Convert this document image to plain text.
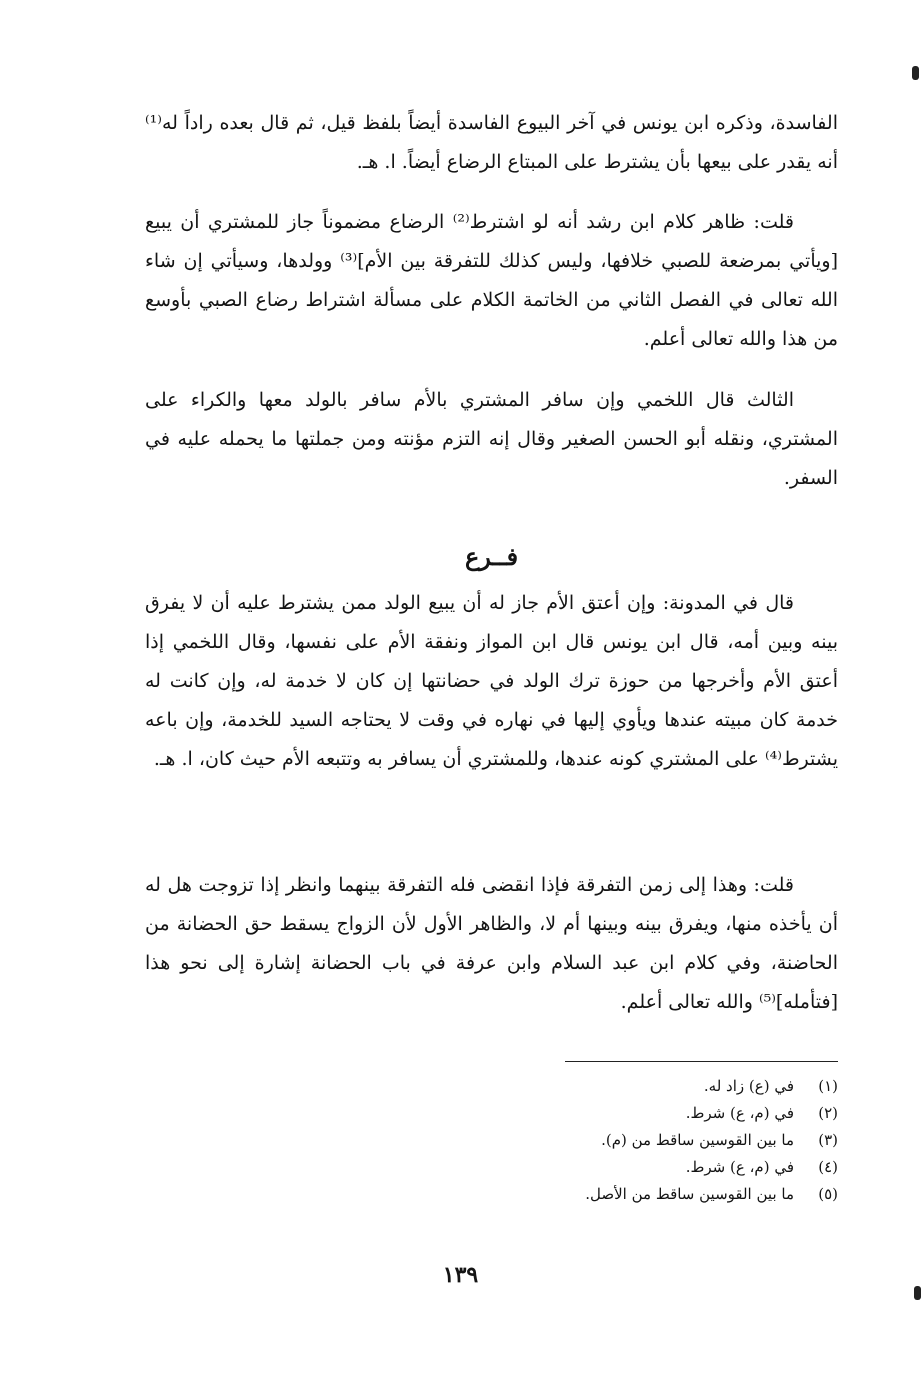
الفاسدة، وذكره ابن يونس في آخر البيوع الفاسدة أيضاً بلفظ قيل، ثم قال بعده راداً له⁽¹⁾ أنه يقدر على بيعها بأن يشترط على المبتاع الرضاع أيضاً. ا. هـ.

قلت: ظاهر كلام ابن رشد أنه لو اشترط⁽²⁾ الرضاع مضموناً جاز للمشتري أن يبيع [ويأتي بمرضعة للصبي خلافها، وليس كذلك للتفرقة بين الأم]⁽³⁾ وولدها، وسيأتي إن شاء الله تعالى في الفصل الثاني من الخاتمة الكلام على مسألة اشتراط رضاع الصبي بأوسع من هذا والله تعالى أعلم.

الثالث قال اللخمي وإن سافر المشتري بالأم سافر بالولد معها والكراء على المشتري، ونقله أبو الحسن الصغير وقال إنه التزم مؤنته ومن جملتها ما يحمله عليه في السفر.

فــرع

قال في المدونة: وإن أعتق الأم جاز له أن يبيع الولد ممن يشترط عليه أن لا يفرق بينه وبين أمه، قال ابن يونس قال ابن المواز ونفقة الأم على نفسها، وقال اللخمي إذا أعتق الأم وأخرجها من حوزة ترك الولد في حضانتها إن كان لا خدمة له، وإن كانت له خدمة كان مبيته عندها ويأوي إليها في نهاره في وقت لا يحتاجه السيد للخدمة، وإن باعه يشترط⁽⁴⁾ على المشتري كونه عندها، وللمشتري أن يسافر به وتتبعه الأم حيث كان، ا. هـ.

قلت: وهذا إلى زمن التفرقة فإذا انقضى فله التفرقة بينهما وانظر إذا تزوجت هل له أن يأخذه منها، ويفرق بينه وبينها أم لا، والظاهر الأول لأن الزواج يسقط حق الحضانة من الحاضنة، وفي كلام ابن عبد السلام وابن عرفة في باب الحضانة إشارة إلى نحو هذا [فتأمله]⁽⁵⁾ والله تعالى أعلم.

(١)في (ع) زاد له.
(٢)في (م، ع) شرط.
(٣)ما بين القوسين ساقط من (م).
(٤)في (م، ع) شرط.
(٥)ما بين القوسين ساقط من الأصل.
١٣٩
